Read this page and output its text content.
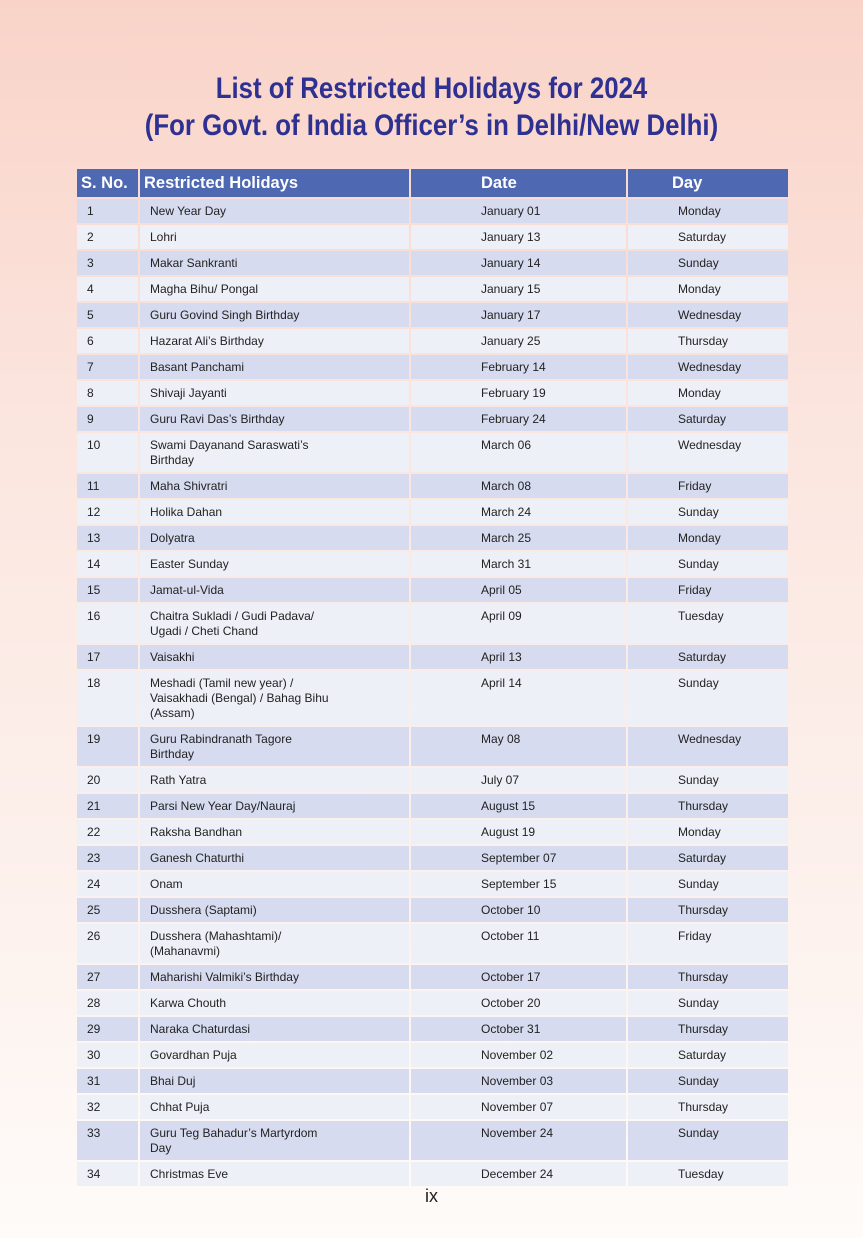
List of Restricted Holidays for 2024
(For Govt. of India Officer’s in Delhi/New Delhi)
S. No.	Restricted Holidays	Date	Day
1	New Year Day	January 01	Monday
2	Lohri	January 13	Saturday
3	Makar Sankranti	January 14	Sunday
4	Magha Bihu/ Pongal	January 15	Monday
5	Guru Govind Singh Birthday	January 17	Wednesday
6	Hazarat Ali’s Birthday	January 25	Thursday
7	Basant Panchami	February 14	Wednesday
8	Shivaji Jayanti	February 19	Monday
9	Guru Ravi Das’s Birthday	February 24	Saturday
10	Swami Dayanand Saraswati’s Birthday	March 06	Wednesday
11	Maha Shivratri	March 08	Friday
12	Holika Dahan	March 24	Sunday
13	Dolyatra	March 25	Monday
14	Easter Sunday	March 31	Sunday
15	Jamat-ul-Vida	April 05	Friday
16	Chaitra Sukladi / Gudi Padava/ Ugadi / Cheti Chand	April 09	Tuesday
17	Vaisakhi	April 13	Saturday
18	Meshadi (Tamil new year) / Vaisakhadi (Bengal) / Bahag Bihu (Assam)	April 14	Sunday
19	Guru Rabindranath Tagore Birthday	May 08	Wednesday
20	Rath Yatra	July 07	Sunday
21	Parsi New Year Day/Nauraj	August 15	Thursday
22	Raksha Bandhan	August 19	Monday
23	Ganesh Chaturthi	September 07	Saturday
24	Onam	September 15	Sunday
25	Dusshera (Saptami)	October 10	Thursday
26	Dusshera (Mahashtami)/ (Mahanavmi)	October 11	Friday
27	Maharishi Valmiki’s Birthday	October 17	Thursday
28	Karwa Chouth	October 20	Sunday
29	Naraka Chaturdasi	October 31	Thursday
30	Govardhan Puja	November 02	Saturday
31	Bhai Duj	November 03	Sunday
32	Chhat Puja	November 07	Thursday
33	Guru Teg Bahadur’s Martyrdom Day	November 24	Sunday
34	Christmas Eve	December 24	Tuesday
ix
